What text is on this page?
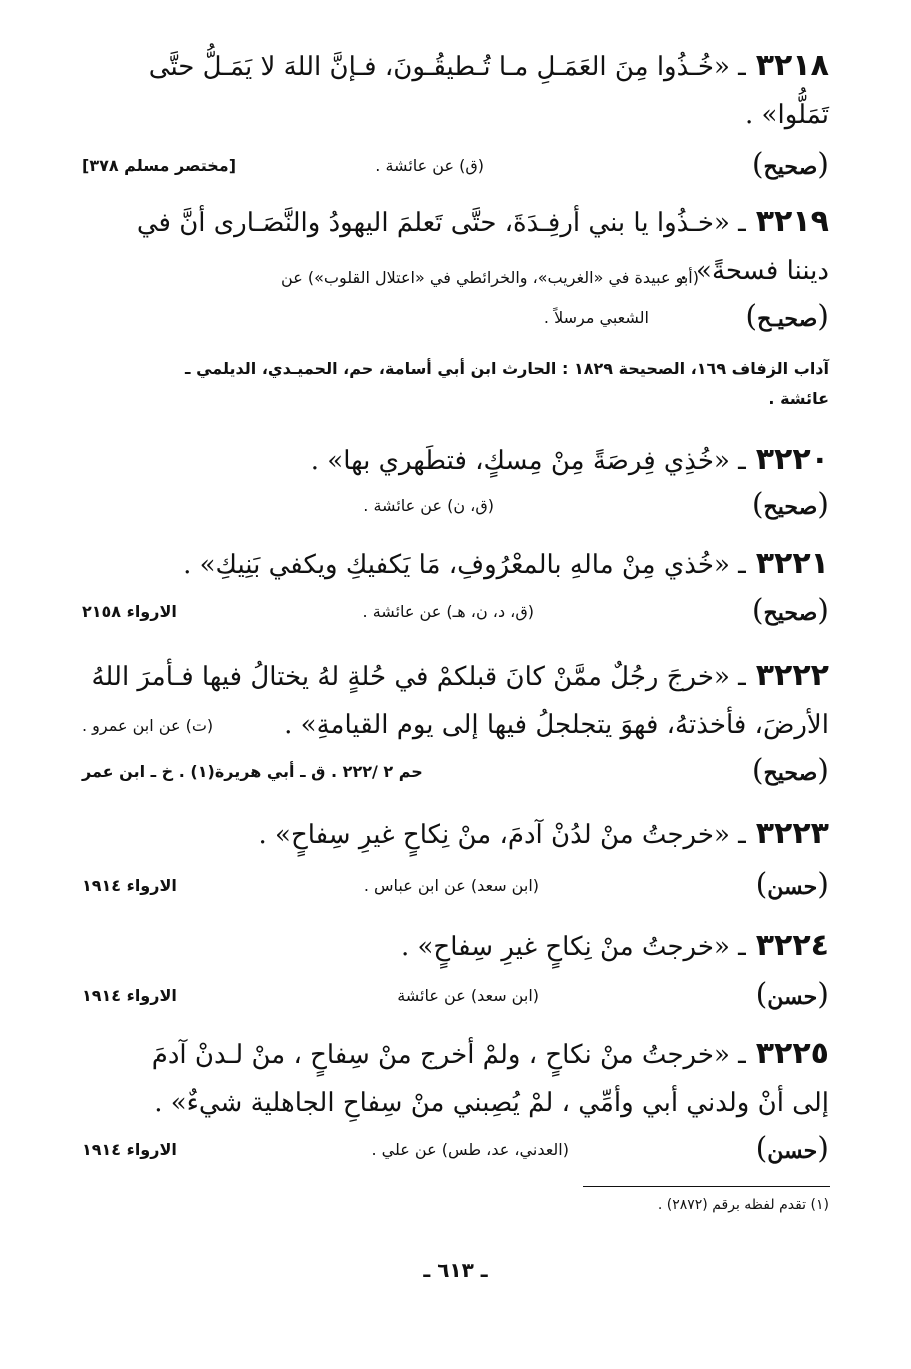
٣٢١٨ـ «خُـذُوا مِنَ العَمَـلِ مـا تُـطيقُـونَ، فـإنَّ اللهَ لا يَمَـلُّ حتَّى
تَمَلُّوا» .
(صحيح)
(ق) عن عائشة .
[مختصر مسلم ٣٧٨]
٣٢١٩ـ «خـذُوا يا بني أرفِـدَةَ، حتَّى تَعلمَ اليهودُ والنَّصَـارى أنَّ في
ديننا فسحةً» .
(أبو عبيدة في «الغريب»، والخرائطي في «اعتلال القلوب») عن
(صحيـح)
الشعبي مرسلاً .
آداب الزفاف ١٦٩، الصحيحة ١٨٢٩ : الحارث ابن أبي أسامة، حم، الحميـدي، الديلمي ـ
عائشة .
٣٢٢٠ـ «خُذِي فِرصَةً مِنْ مِسكٍ، فتطَهري بها» .
(صحيح)
(ق، ن) عن عائشة .
٣٢٢١ـ «خُذي مِنْ مالهِ بالمعْرُوفِ، مَا يَكفيكِ ويكفي بَنِيكِ» .
(صحيح)
(ق، د، ن، هـ) عن عائشة .
الارواء ٢١٥٨
٣٢٢٢ـ «خرجَ رجُلٌ ممَّنْ كانَ قبلكمْ في حُلةٍ لهُ يختالُ فيها فـأمرَ اللهُ
الأرضَ، فأخذتهُ، فهوَ يتجلجلُ فيها إلى يوم القيامةِ» .
(ت) عن ابن عمرو .
(صحيح)
حم ٢ /٢٢٢ . ق ـ أبي هريرة(١) . خ ـ ابن عمر
٣٢٢٣ـ «خرجتُ منْ لدُنْ آدمَ، منْ نِكاحٍ غيرِ سِفاحٍ» .
(حسن)
(ابن سعد) عن ابن عباس .
الارواء ١٩١٤
٣٢٢٤ـ «خرجتُ منْ نِكاحٍ غيرِ سِفاحٍ» .
(حسن)
(ابن سعد) عن عائشة
الارواء ١٩١٤
٣٢٢٥ـ «خرجتُ منْ نكاحٍ ، ولمْ أخرج منْ سِفاحٍ ، منْ لـدنْ آدمَ
إلى أنْ ولدني أبي وأمِّي ، لمْ يُصِبني منْ سِفاحِ الجاهلية شيءٌ» .
(حسن)
(العدني، عد، طس) عن علي .
الارواء ١٩١٤
(١) تقدم لفظه برقم (٢٨٧٢) .
ـ ٦١٣ ـ
